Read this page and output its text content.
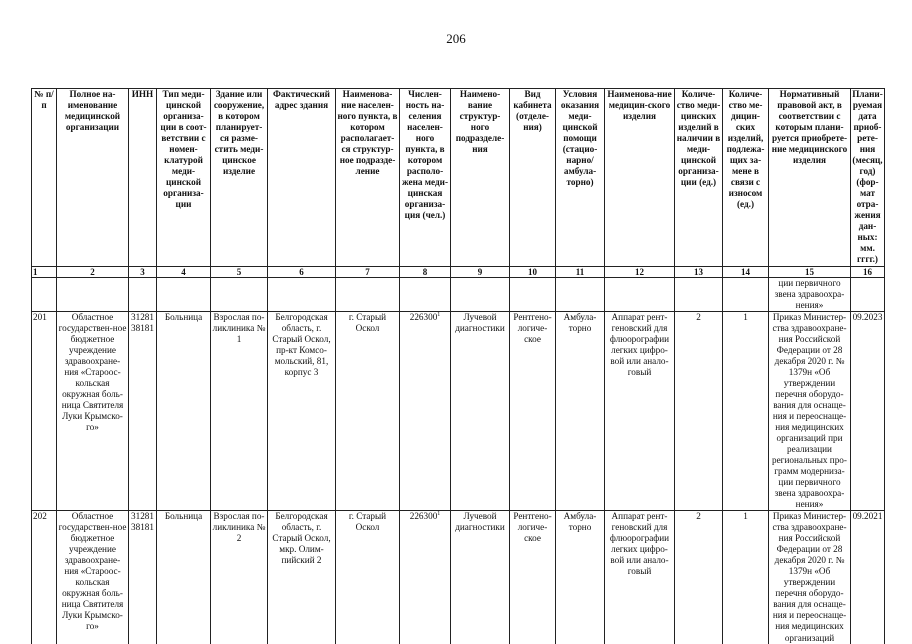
206
№ п/п	Полное на-именование медицинской организации	ИНН	Тип меди-цинской организа-ции в соот-ветствии с номен-клатурой меди-цинской организа-ции	Здание или сооружение, в котором планирует-ся разме-стить меди-цинское изделие	Фактический адрес здания	Наименова-ние населен-ного пункта, в котором располагает-ся структур-ное подразде-ление	Числен-ность на-селения населен-ного пункта, в котором располо-жена меди-цинская организа-ция (чел.)	Наимено-вание структур-ного подразделе-ния	Вид кабинета (отделе-ния)	Условия оказания меди-цинской помощи (стацио-нарно/ амбула-торно)	Наименова-ние медицин-ского изделия	Количе-ство меди-цинских изделий в наличии в меди-цинской организа-ции (ед.)	Количе-ство ме-дицин-ских изделий, подлежа-щих за-мене в связи с износом (ед.)	Нормативный правовой акт, в соответствии с которым плани-руется приобрете-ние медицинского изделия	Плани-руемая дата приоб-рете-ния (месяц, год) (фор-мат отра-жения дан-ных: мм. гггг.)
1	2	3	4	5	6	7	8	9	10	11	12	13	14	15	16
														ции первичного звена здравоохра-нения»	
201	Областное государствен-ное бюджетное учреждение здравоохране-ния «Староос-кольская окружная боль-ница Святителя Луки Крымско-го»	31281 38181	Больница	Взрослая по-ликлиника № 1	Белгородская область, г. Старый Оскол, пр-кт Комсо-мольский, 81, корпус 3	г. Старый Оскол	226300$^1$	Лучевой диагностики	Рентгено-логиче-ское	Амбула-торно	Аппарат рент-геновский для флюорографии легких цифро-вой или анало-говый	2	1	Приказ Министер-ства здравоохране-ния Российской Федерации от 28 декабря 2020 г. № 1379н «Об утверждении перечня оборудо-вания для оснаще-ния и переоснаще-ния медицинских организаций при реализации региональных про-грамм модерниза-ции первичного звена здравоохра-нения»	09.2023
202	Областное государствен-ное бюджетное учреждение здравоохране-ния «Староос-кольская окружная боль-ница Святителя Луки Крымско-го»	31281 38181	Больница	Взрослая по-ликлиника № 2	Белгородская область, г. Старый Оскол, мкр. Олим-пийский 2	г. Старый Оскол	226300$^1$	Лучевой диагностики	Рентгено-логиче-ское	Амбула-торно	Аппарат рент-геновский для флюорографии легких цифро-вой или анало-говый	2	1	Приказ Министер-ства здравоохране-ния Российской Федерации от 28 декабря 2020 г. № 1379н «Об утверждении перечня оборудо-вания для оснаще-ния и переоснаще-ния медицинских организаций	09.2021
